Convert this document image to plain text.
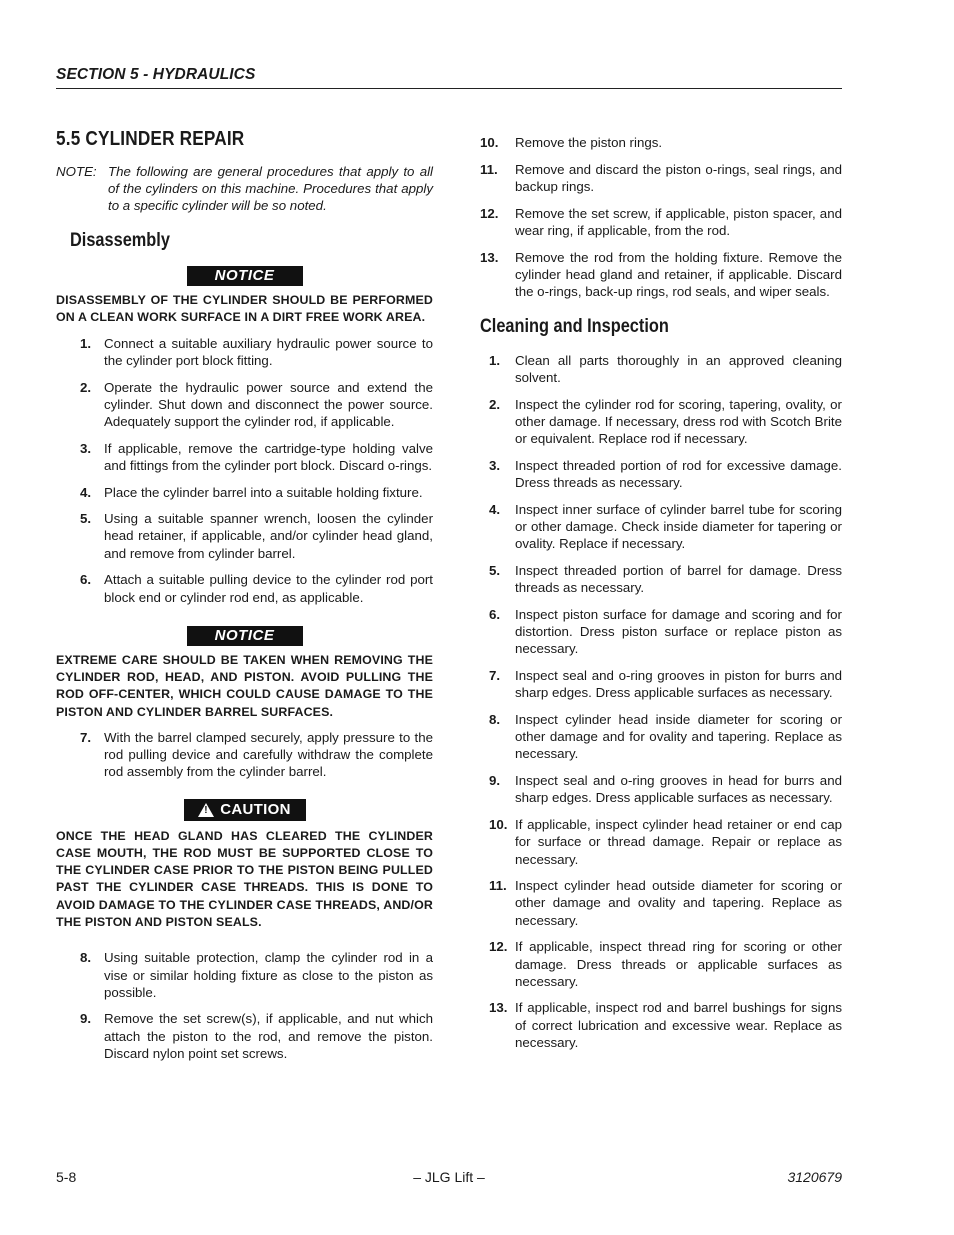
SECTION 5 - HYDRAULICS
5.5 CYLINDER REPAIR
NOTE: The following are general procedures that apply to all of the cylinders on this machine. Procedures that apply to a specific cylinder will be so noted.
Disassembly
NOTICE
DISASSEMBLY OF THE CYLINDER SHOULD BE PERFORMED ON A CLEAN WORK SURFACE IN A DIRT FREE WORK AREA.
1. Connect a suitable auxiliary hydraulic power source to the cylinder port block fitting.
2. Operate the hydraulic power source and extend the cylinder. Shut down and disconnect the power source. Adequately support the cylinder rod, if applicable.
3. If applicable, remove the cartridge-type holding valve and fittings from the cylinder port block. Discard o-rings.
4. Place the cylinder barrel into a suitable holding fixture.
5. Using a suitable spanner wrench, loosen the cylinder head retainer, if applicable, and/or cylinder head gland, and remove from cylinder barrel.
6. Attach a suitable pulling device to the cylinder rod port block end or cylinder rod end, as applicable.
NOTICE
EXTREME CARE SHOULD BE TAKEN WHEN REMOVING THE CYLINDER ROD, HEAD, AND PISTON. AVOID PULLING THE ROD OFF-CENTER, WHICH COULD CAUSE DAMAGE TO THE PISTON AND CYLINDER BARREL SURFACES.
7. With the barrel clamped securely, apply pressure to the rod pulling device and carefully withdraw the complete rod assembly from the cylinder barrel.
! CAUTION
ONCE THE HEAD GLAND HAS CLEARED THE CYLINDER CASE MOUTH, THE ROD MUST BE SUPPORTED CLOSE TO THE CYLINDER CASE PRIOR TO THE PISTON BEING PULLED PAST THE CYLINDER CASE THREADS. THIS IS DONE TO AVOID DAMAGE TO THE CYLINDER CASE THREADS, AND/OR THE PISTON AND PISTON SEALS.
8. Using suitable protection, clamp the cylinder rod in a vise or similar holding fixture as close to the piston as possible.
9. Remove the set screw(s), if applicable, and nut which attach the piston to the rod, and remove the piston. Discard nylon point set screws.
10.	Remove the piston rings.
11.	Remove and discard the piston o-rings, seal rings, and backup rings.
12.	Remove the set screw, if applicable, piston spacer, and wear ring, if applicable, from the rod.
13.	Remove the rod from the holding fixture. Remove the cylinder head gland and retainer, if applicable. Discard the o-rings, back-up rings, rod seals, and wiper seals.
Cleaning and Inspection
1.	Clean all parts thoroughly in an approved cleaning solvent.
2.	Inspect the cylinder rod for scoring, tapering, ovality, or other damage. If necessary, dress rod with Scotch Brite or equivalent. Replace rod if necessary.
3.	Inspect threaded portion of rod for excessive damage. Dress threads as necessary.
4.	Inspect inner surface of cylinder barrel tube for scoring or other damage. Check inside diameter for tapering or ovality. Replace if necessary.
5.	Inspect threaded portion of barrel for damage. Dress threads as necessary.
6.	Inspect piston surface for damage and scoring and for distortion. Dress piston surface or replace piston as necessary.
7.	Inspect seal and o-ring grooves in piston for burrs and sharp edges. Dress applicable surfaces as necessary.
8.	Inspect cylinder head inside diameter for scoring or other damage and for ovality and tapering. Replace as necessary.
9.	Inspect seal and o-ring grooves in head for burrs and sharp edges. Dress applicable surfaces as necessary.
10. If applicable, inspect cylinder head retainer or end cap for surface or thread damage. Repair or replace as necessary.
11. Inspect cylinder head outside diameter for scoring or other damage and ovality and tapering. Replace as necessary.
12. If applicable, inspect thread ring for scoring or other damage. Dress threads or applicable surfaces as necessary.
13. If applicable, inspect rod and barrel bushings for signs of correct lubrication and excessive wear. Replace as necessary.
5-8	– JLG Lift –	3120679
